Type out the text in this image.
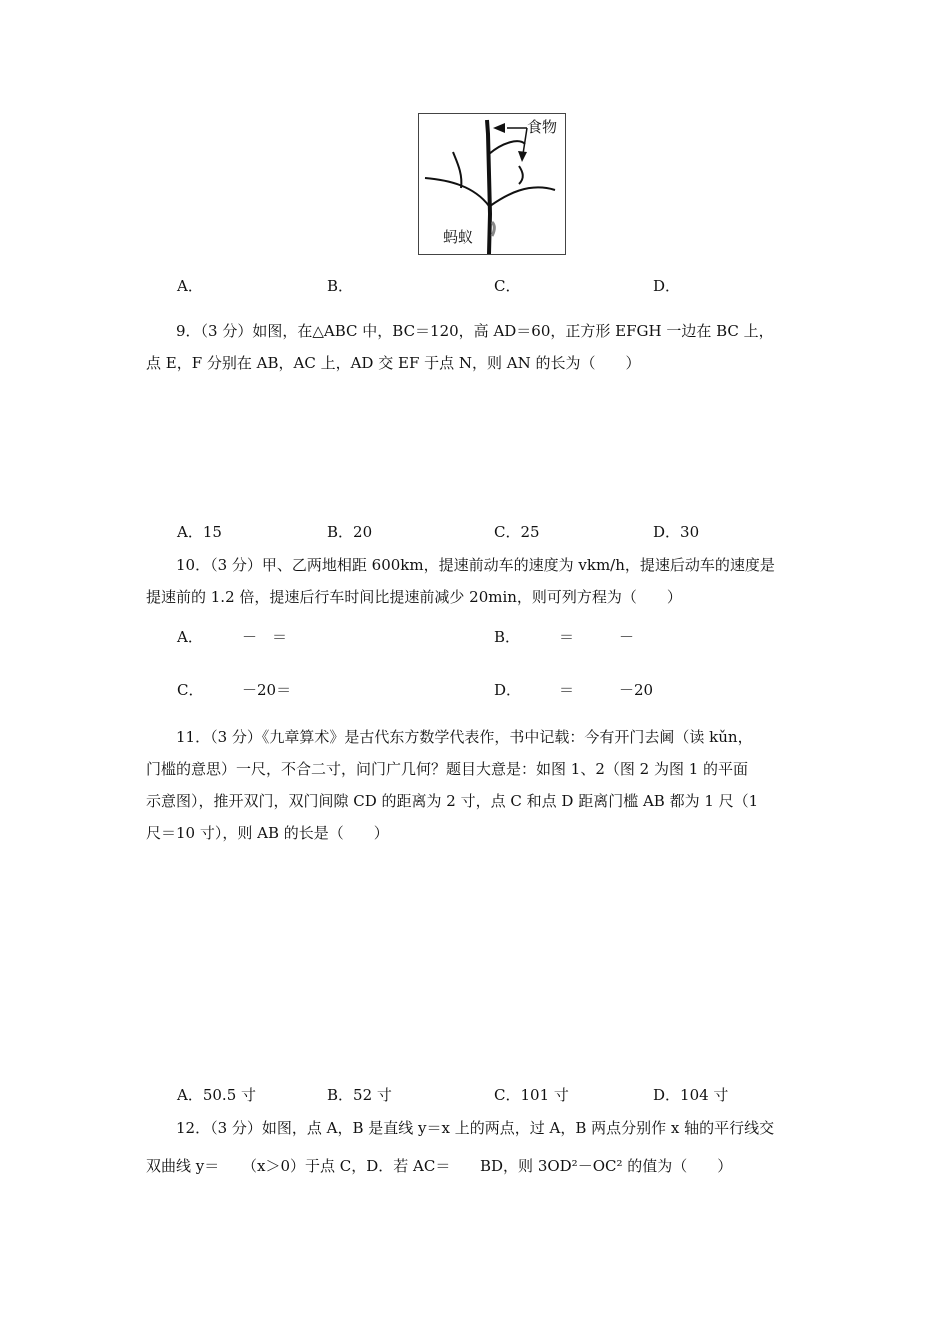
食物
蚂蚁
A．	B．	C．	D．
9．（3 分）如图，在△ABC 中，BC＝120，高 AD＝60，正方形 EFGH 一边在 BC 上，
点 E，F 分别在 AB，AC 上，AD 交 EF 于点 N，则 AN 的长为（　　）
A．15	B．20	C．25	D．30
10．（3 分）甲、乙两地相距 600km，提速前动车的速度为 vkm/h，提速后动车的速度是
提速前的 1.2 倍，提速后行车时间比提速前减少 20min，则可列方程为（　　）
A．	－　＝	B．	＝	－
C．	－20＝	D．	＝	－20
11．（3 分）《九章算术》是古代东方数学代表作，书中记载：今有开门去阃（读 kǔn，
门槛的意思）一尺，不合二寸，问门广几何？题目大意是：如图 1、2（图 2 为图 1 的平面
示意图），推开双门，双门间隙 CD 的距离为 2 寸，点 C 和点 D 距离门槛 AB 都为 1 尺（1
尺＝10 寸），则 AB 的长是（　　）
A．50.5 寸	B．52 寸	C．101 寸	D．104 寸
12．（3 分）如图，点 A，B 是直线 y＝x 上的两点，过 A，B 两点分别作 x 轴的平行线交
双曲线 y＝ （x＞0）于点 C，D．若 AC＝ BD，则 3OD²－OC² 的值为（　　）
